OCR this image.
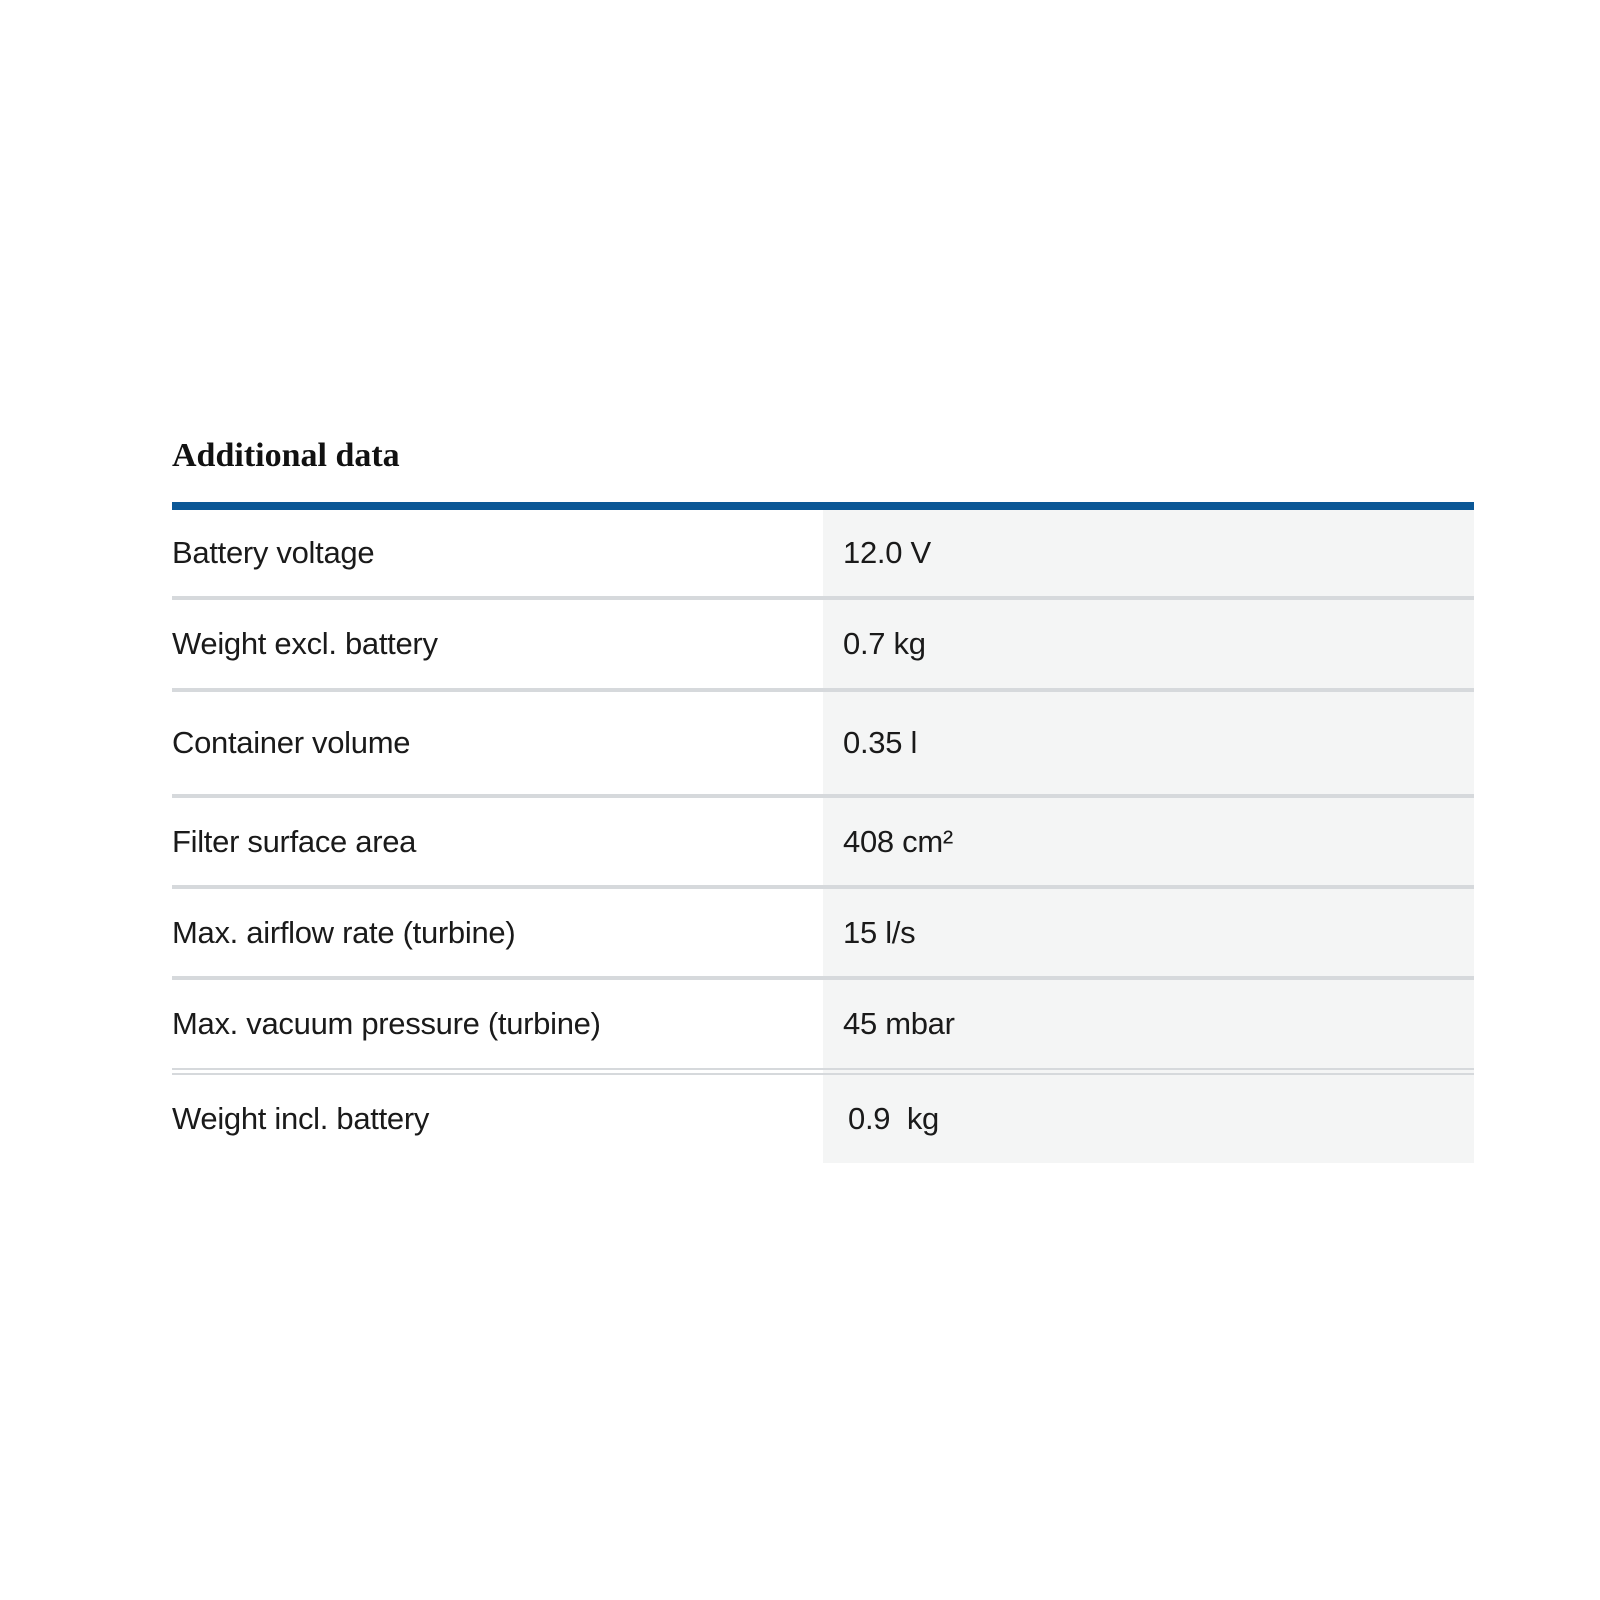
Additional data
Battery voltage	12.0 V
Weight excl. battery	0.7 kg
Container volume	0.35 l
Filter surface area	408 cm²
Max. airflow rate (turbine)	15 l/s
Max. vacuum pressure (turbine)	45 mbar
Weight incl. battery	0.9  kg
